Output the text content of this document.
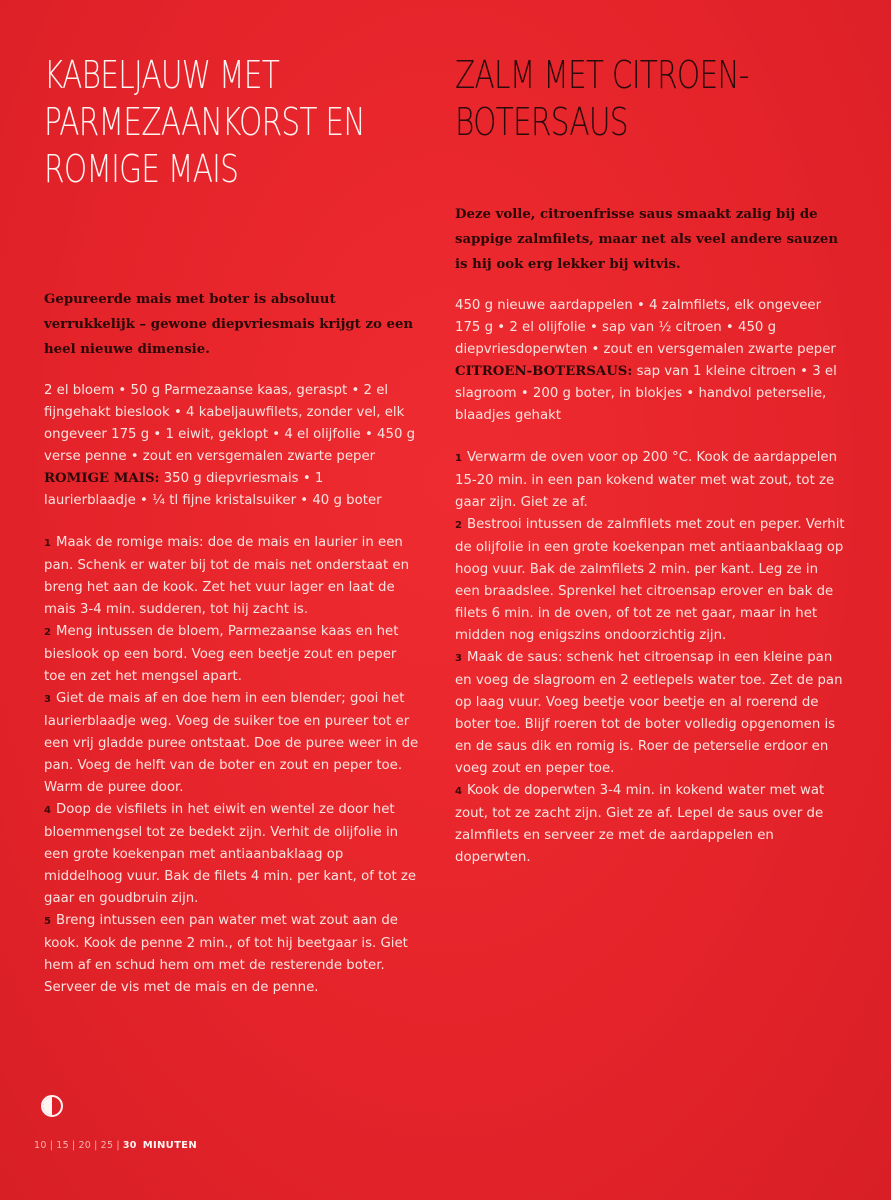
KABELJAUW MET

PARMEZAANKORST EN

ROMIGE MAIS

Gepureerde mais met boter is absoluut verrukkelijk – gewone diepvriesmais krijgt zo een heel nieuwe dimensie.

2 el bloem • 50 g Parmezaanse kaas, geraspt • 2 el fijngehakt bieslook • 4 kabeljauwfilets, zonder vel, elk ongeveer 175 g • 1 eiwit, geklopt • 4 el olijfolie • 450 g verse penne • zout en versgemalen zwarte peper

ROMIGE MAIS: 350 g diepvriesmais • 1 laurierblaadje • ¼ tl fijne kristalsuiker • 40 g boter

1 Maak de romige mais: doe de mais en laurier in een pan. Schenk er water bij tot de mais net onderstaat en breng het aan de kook. Zet het vuur lager en laat de mais 3-4 min. sudderen, tot hij zacht is.

2 Meng intussen de bloem, Parmezaanse kaas en het bieslook op een bord. Voeg een beetje zout en peper toe en zet het mengsel apart.

3 Giet de mais af en doe hem in een blender; gooi het laurierblaadje weg. Voeg de suiker toe en pureer tot er een vrij gladde puree ontstaat. Doe de puree weer in de pan. Voeg de helft van de boter en zout en peper toe. Warm de puree door.

4 Doop de visfilets in het eiwit en wentel ze door het bloemmengsel tot ze bedekt zijn. Verhit de olijfolie in een grote koekenpan met antiaanbaklaag op middelhoog vuur. Bak de filets 4 min. per kant, of tot ze gaar en goudbruin zijn.

5 Breng intussen een pan water met wat zout aan de kook. Kook de penne 2 min., of tot hij beetgaar is. Giet hem af en schud hem om met de resterende boter. Serveer de vis met de mais en de penne.

ZALM MET CITROEN-

BOTERSAUS

Deze volle, citroenfrisse saus smaakt zalig bij de sappige zalmfilets, maar net als veel andere sauzen is hij ook erg lekker bij witvis.

450 g nieuwe aardappelen • 4 zalmfilets, elk ongeveer 175 g • 2 el olijfolie • sap van ½ citroen • 450 g diepvriesdoperwten • zout en versgemalen zwarte peper

CITROEN-BOTERSAUS: sap van 1 kleine citroen • 3 el slagroom • 200 g boter, in blokjes • handvol peterselie, blaadjes gehakt

1 Verwarm de oven voor op 200 °C. Kook de aardappelen 15-20 min. in een pan kokend water met wat zout, tot ze gaar zijn. Giet ze af.

2 Bestrooi intussen de zalmfilets met zout en peper. Verhit de olijfolie in een grote koekenpan met antiaanbaklaag op hoog vuur. Bak de zalmfilets 2 min. per kant. Leg ze in een braadslee. Sprenkel het citroensap erover en bak de filets 6 min. in de oven, of tot ze net gaar, maar in het midden nog enigszins ondoorzichtig zijn.

3 Maak de saus: schenk het citroensap in een kleine pan en voeg de slagroom en 2 eetlepels water toe. Zet de pan op laag vuur. Voeg beetje voor beetje en al roerend de boter toe. Blijf roeren tot de boter volledig opgenomen is en de saus dik en romig is. Roer de peterselie erdoor en voeg zout en peper toe.

4 Kook de doperwten 3-4 min. in kokend water met wat zout, tot ze zacht zijn. Giet ze af. Lepel de saus over de zalmfilets en serveer ze met de aardappelen en doperwten.

10 | 15 | 20 | 25 | 30 MINUTEN
